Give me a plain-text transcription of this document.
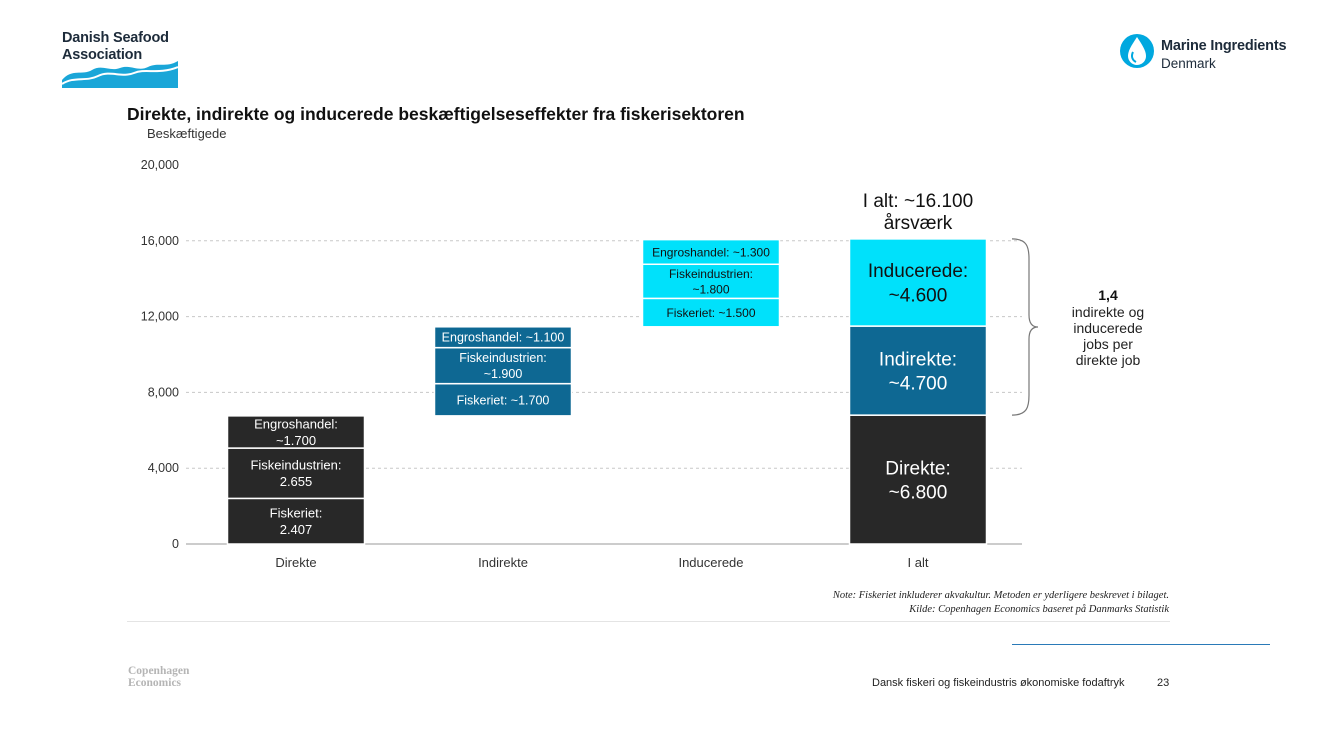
Danish Seafood
Association
Marine Ingredients
Denmark
Direkte, indirekte og inducerede beskæftigelseseffekter fra fiskerisektoren
0
4,000
8,000
12,000
16,000
20,000
Beskæftigede
Direkte	Indirekte	Inducerede	I alt
Fiskeriet:
2.407
Fiskeindustrien:
2.655
Engroshandel:
~1.700
Fiskeriet: ~1.700
Fiskeindustrien:
~1.900
Engroshandel: ~1.100
Fiskeriet: ~1.500
Fiskeindustrien:
~1.800
Engroshandel: ~1.300
Direkte:
~6.800
Indirekte:
~4.700
Inducerede:
~4.600
I alt: ~16.100
årsværk
1,4
indirekte og
inducerede
jobs per
direkte job
Note: Fiskeriet inkluderer akvakultur. Metoden er yderligere beskrevet i bilaget.
Kilde: Copenhagen Economics baseret på Danmarks Statistik
Copenhagen
Economics	Dansk fiskeri og fiskeindustris økonomiske fodaftryk	23
